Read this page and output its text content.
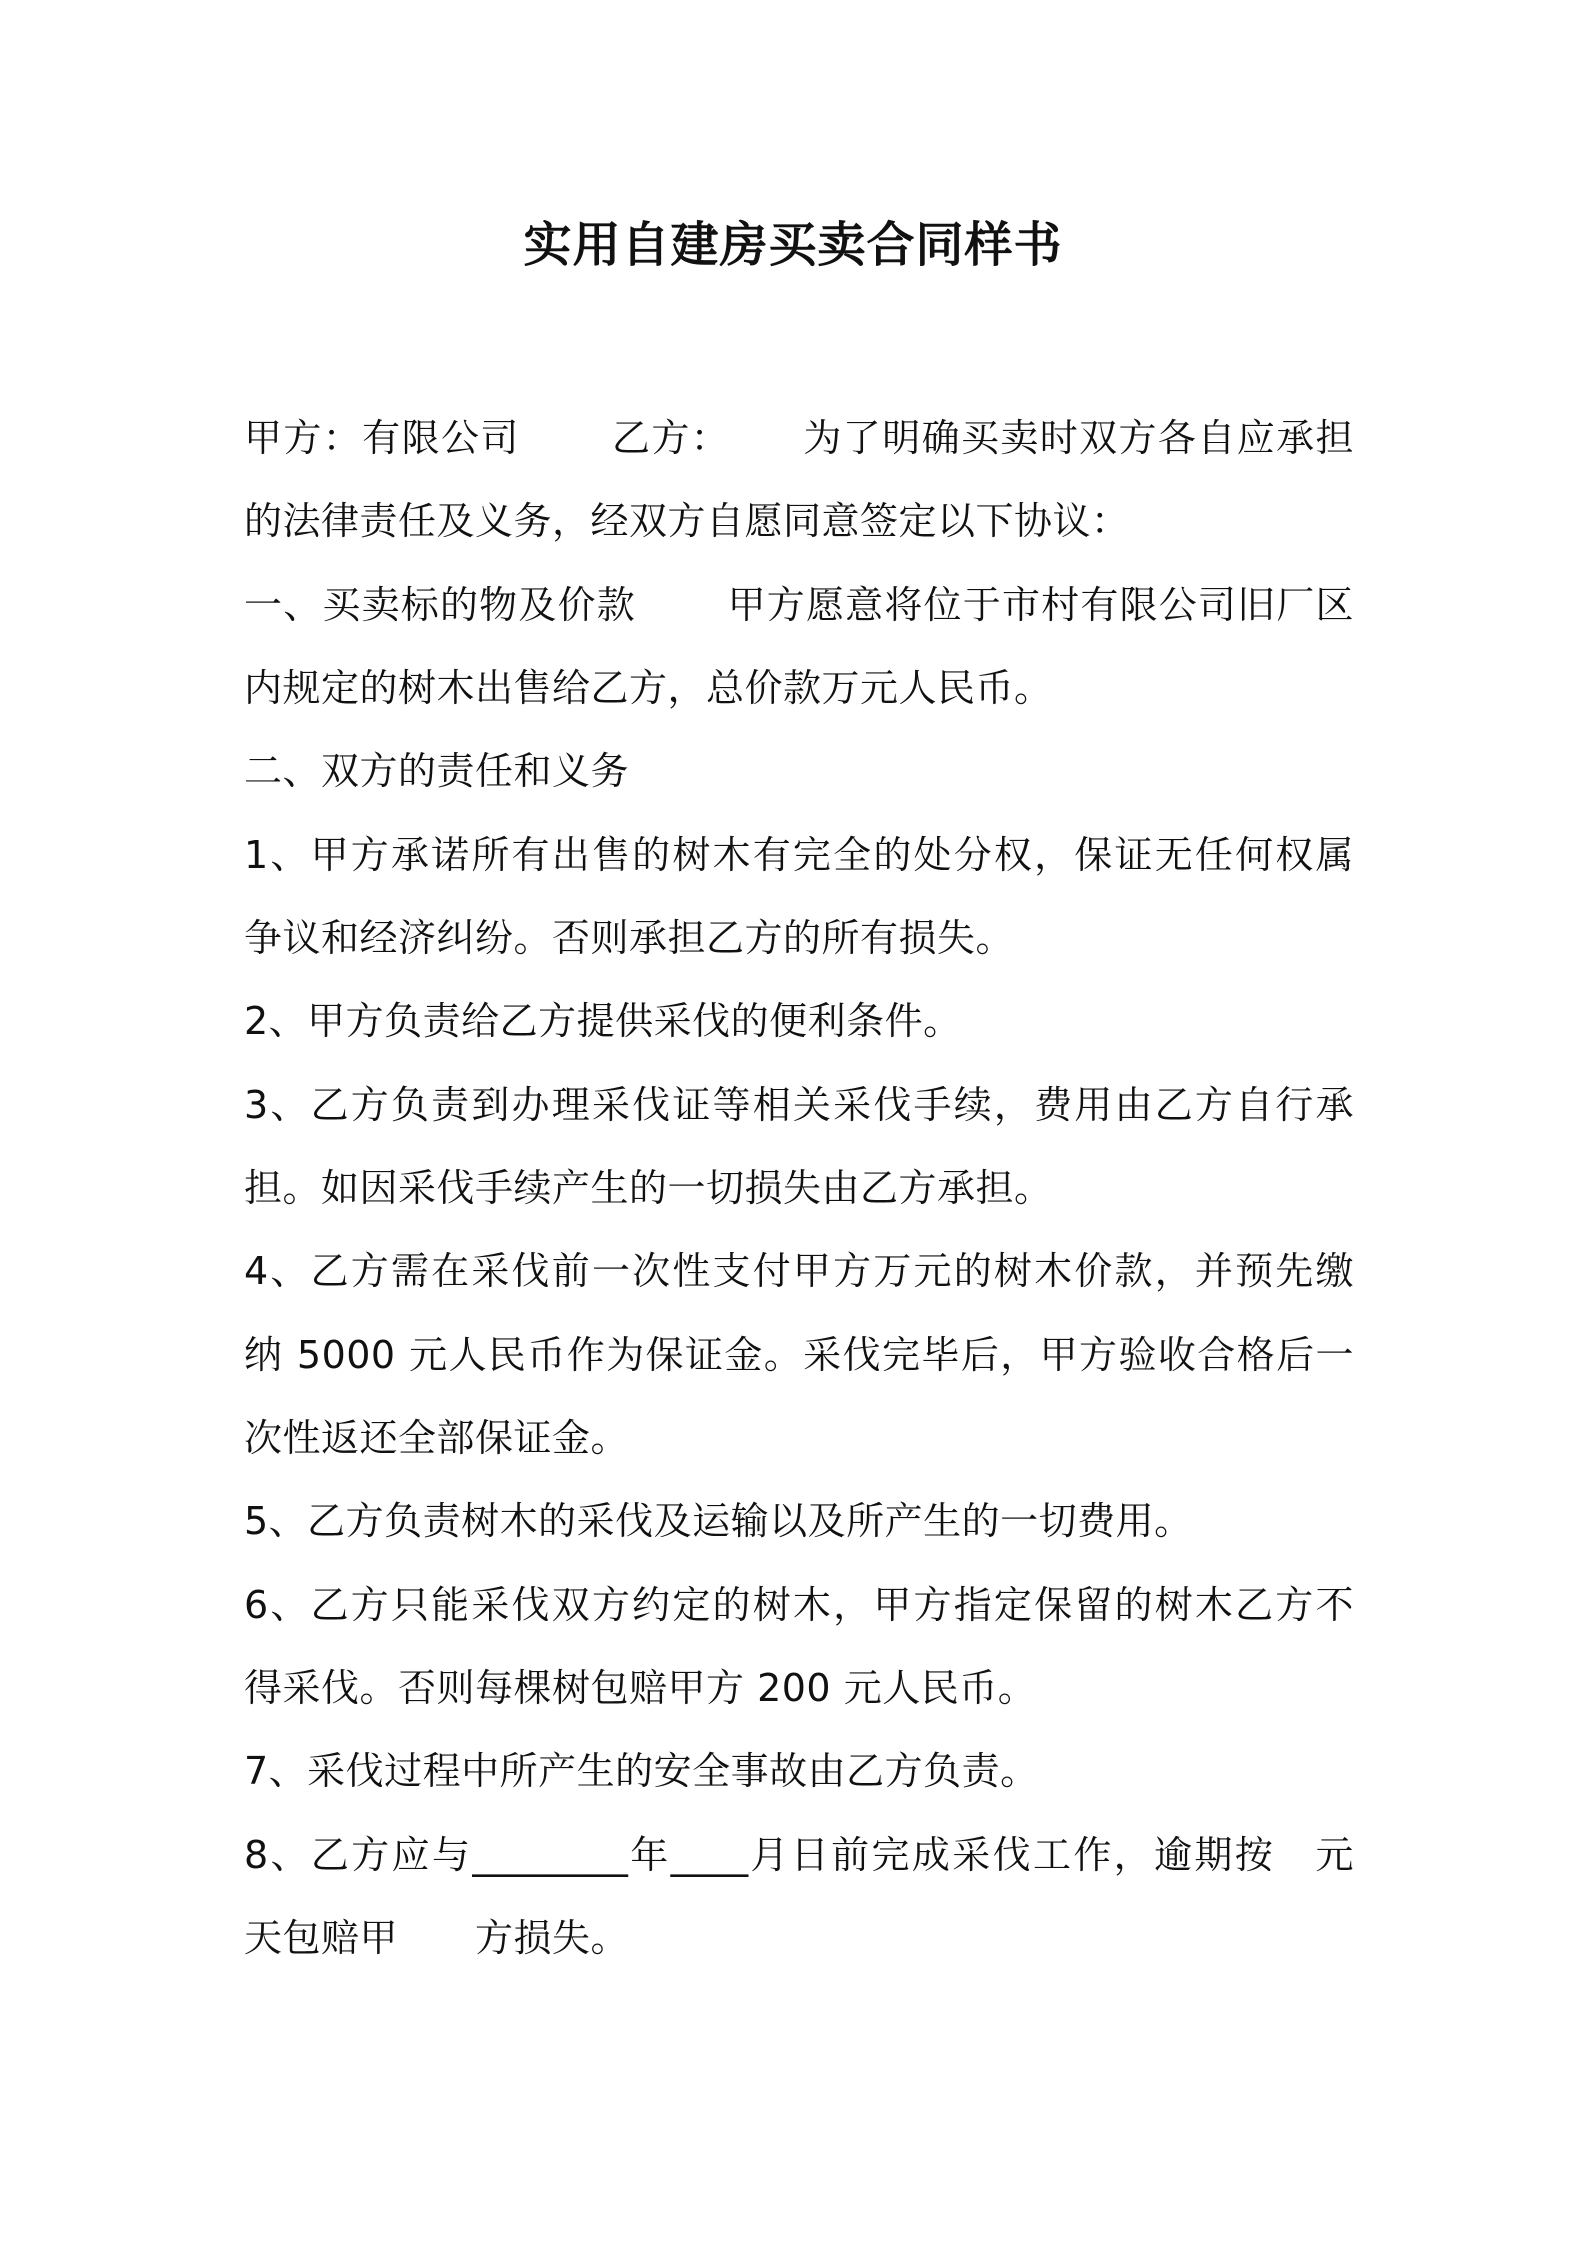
实用自建房买卖合同样书
甲方：有限公司　　 乙方：　　 为了明确买卖时双方各自应承担
的法律责任及义务，经双方自愿同意签定以下协议：
一、买卖标的物及价款　　 甲方愿意将位于市村有限公司旧厂区
内规定的树木出售给乙方，总价款万元人民币。
二、双方的责任和义务
1、甲方承诺所有出售的树木有完全的处分权，保证无任何权属
争议和经济纠纷。否则承担乙方的所有损失。
2、甲方负责给乙方提供采伐的便利条件。
3、乙方负责到办理采伐证等相关采伐手续，费用由乙方自行承
担。如因采伐手续产生的一切损失由乙方承担。
4、乙方需在采伐前一次性支付甲方万元的树木价款，并预先缴
纳 5000 元人民币作为保证金。采伐完毕后，甲方验收合格后一
次性返还全部保证金。
5、乙方负责树木的采伐及运输以及所产生的一切费用。
6、乙方只能采伐双方约定的树木，甲方指定保留的树木乙方不
得采伐。否则每棵树包赔甲方 200 元人民币。
7、采伐过程中所产生的安全事故由乙方负责。
8、乙方应与________年____月日前完成采伐工作，逾期按　元
天包赔甲　　方损失。
